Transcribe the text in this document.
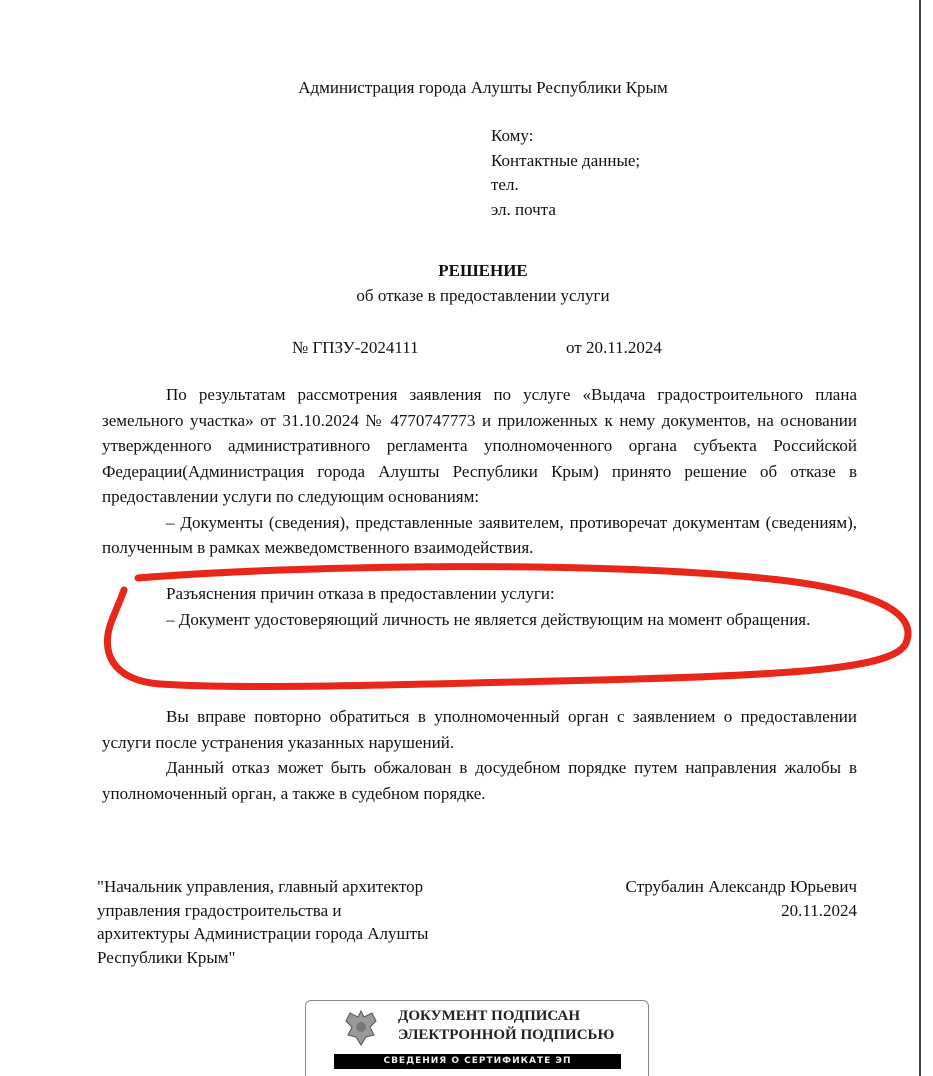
Администрация города Алушты Республики Крым
Кому:
Контактные данные;
тел.
эл. почта
РЕШЕНИЕ
об отказе в предоставлении услуги
№ ГПЗУ-2024111	от 20.11.2024

По результатам рассмотрения заявления по услуге «Выдача градостроительного плана земельного участка» от 31.10.2024 № 4770747773 и приложенных к нему документов, на основании утвержденного административного регламента уполномоченного органа субъекта Российской Федерации(Администрация города Алушты Республики Крым) принято решение об отказе в предоставлении услуги по следующим основаниям:

– Документы (сведения), представленные заявителем, противоречат документам (сведениям), полученным в рамках межведомственного взаимодействия.

Разъяснения причин отказа в предоставлении услуги:

– Документ удостоверяющий личность не является действующим на момент обращения.

Вы вправе повторно обратиться в уполномоченный орган с заявлением о предоставлении услуги после устранения указанных нарушений.

Данный отказ может быть обжалован в досудебном порядке путем направления жалобы в уполномоченный орган, а также в судебном порядке.

"Начальник управления, главный архитектор
управления градостроительства и
архитектуры Администрации города Алушты
Республики Крым"
Струбалин Александр Юрьевич
20.11.2024
ДОКУМЕНТ ПОДПИСАН
ЭЛЕКТРОННОЙ ПОДПИСЬЮ
СВЕДЕНИЯ О СЕРТИФИКАТЕ ЭП
